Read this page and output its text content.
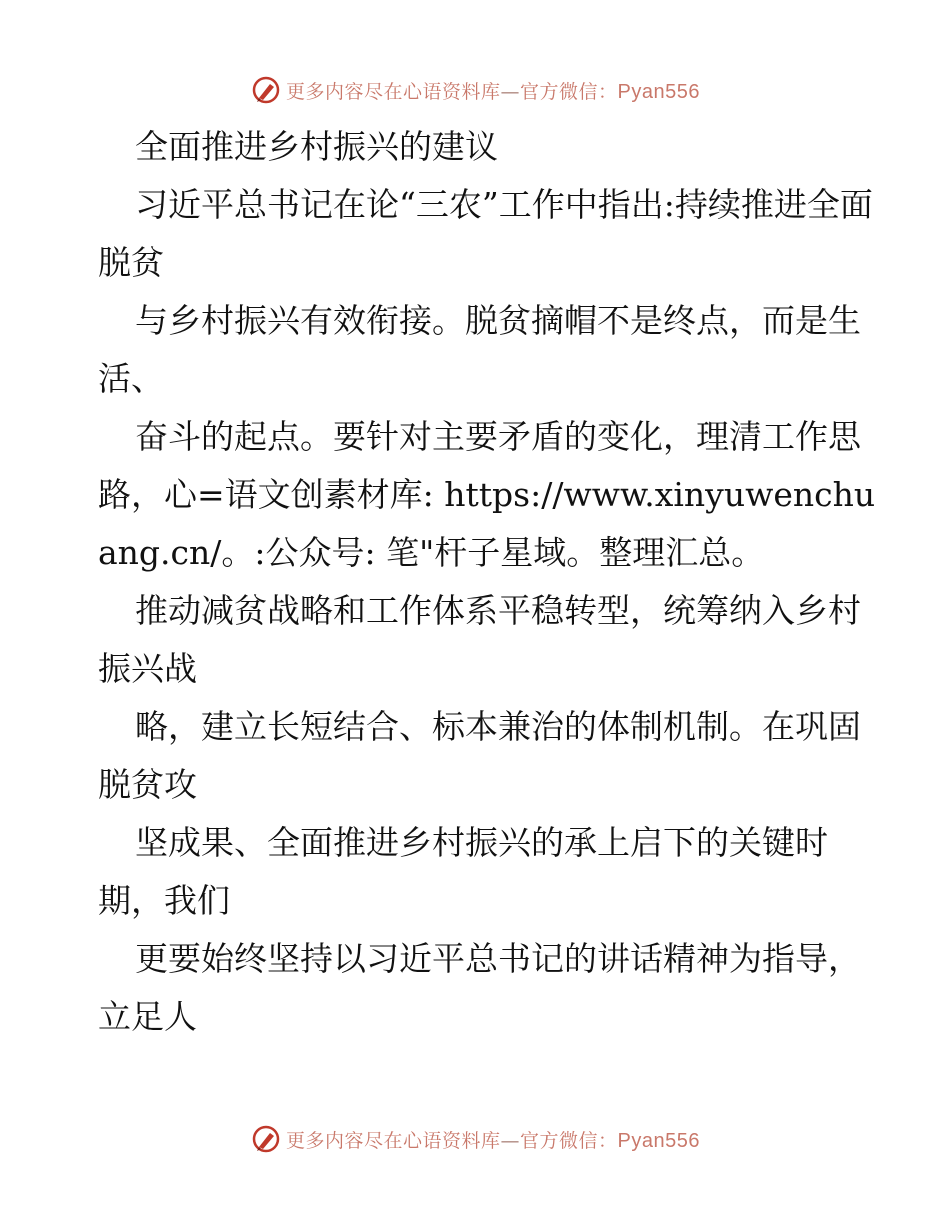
更多内容尽在心语资料库—官方微信：Pyan556

全面推进乡村振兴的建议

习近平总书记在论“三农”工作中指出:持续推进全面脱贫

与乡村振兴有效衔接。脱贫摘帽不是终点，而是生活、

奋斗的起点。要针对主要矛盾的变化，理清工作思路，心=语文创素材库: https://www.xinyuwenchuang.cn/。:公众号: 笔"杆子星域。整理汇总。

推动减贫战略和工作体系平稳转型，统筹纳入乡村振兴战

略，建立长短结合、标本兼治的体制机制。在巩固脱贫攻

坚成果、全面推进乡村振兴的承上启下的关键时期，我们

更要始终坚持以习近平总书记的讲话精神为指导，立足人

更多内容尽在心语资料库—官方微信：Pyan556
